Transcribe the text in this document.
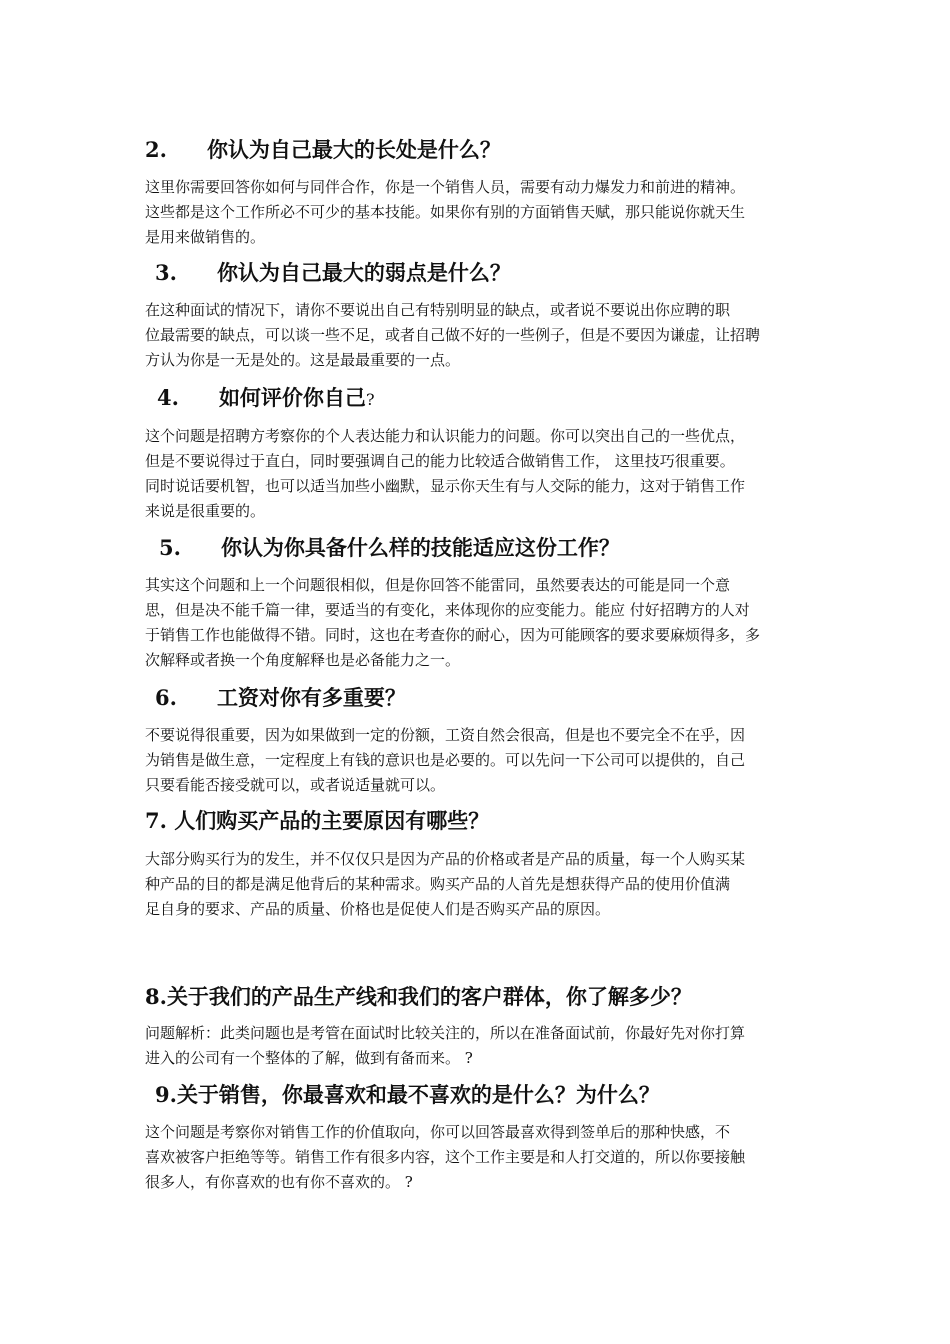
2. 你认为自己最大的长处是什么？

这里你需要回答你如何与同伴合作，你是一个销售人员，需要有动力爆发力和前进的精神。
这些都是这个工作所必不可少的基本技能。如果你有别的方面销售天赋，那只能说你就天生
是用来做销售的。

3. 你认为自己最大的弱点是什么？

在这种面试的情况下，请你不要说出自己有特别明显的缺点，或者说不要说出你应聘的职
位最需要的缺点，可以谈一些不足，或者自己做不好的一些例子，但是不要因为谦虚，让招聘
方认为你是一无是处的。这是最最重要的一点。

4. 如何评价你自己?

这个问题是招聘方考察你的个人表达能力和认识能力的问题。你可以突出自己的一些优点，
但是不要说得过于直白，同时要强调自己的能力比较适合做销售工作， 这里技巧很重要。
同时说话要机智，也可以适当加些小幽默，显示你天生有与人交际的能力，这对于销售工作
来说是很重要的。

5. 你认为你具备什么样的技能适应这份工作？

其实这个问题和上一个问题很相似，但是你回答不能雷同，虽然要表达的可能是同一个意
思，但是决不能千篇一律，要适当的有变化，来体现你的应变能力。能应 付好招聘方的人对
于销售工作也能做得不错。同时，这也在考查你的耐心，因为可能顾客的要求要麻烦得多，多
次解释或者换一个角度解释也是必备能力之一。

6. 工资对你有多重要？

不要说得很重要，因为如果做到一定的份额，工资自然会很高，但是也不要完全不在乎，因
为销售是做生意，一定程度上有钱的意识也是必要的。可以先问一下公司可以提供的，自己
只要看能否接受就可以，或者说适量就可以。

7. 人们购买产品的主要原因有哪些？

大部分购买行为的发生，并不仅仅只是因为产品的价格或者是产品的质量，每一个人购买某
种产品的目的都是满足他背后的某种需求。购买产品的人首先是想获得产品的使用价值满
足自身的要求、产品的质量、价格也是促使人们是否购买产品的原因。

8.关于我们的产品生产线和我们的客户群体，你了解多少？

问题解析：此类问题也是考管在面试时比较关注的，所以在准备面试前，你最好先对你打算
进入的公司有一个整体的了解，做到有备而来。 ?

9.关于销售，你最喜欢和最不喜欢的是什么？为什么？

这个问题是考察你对销售工作的价值取向，你可以回答最喜欢得到签单后的那种快感，不
喜欢被客户拒绝等等。销售工作有很多内容，这个工作主要是和人打交道的，所以你要接触
很多人，有你喜欢的也有你不喜欢的。 ?
